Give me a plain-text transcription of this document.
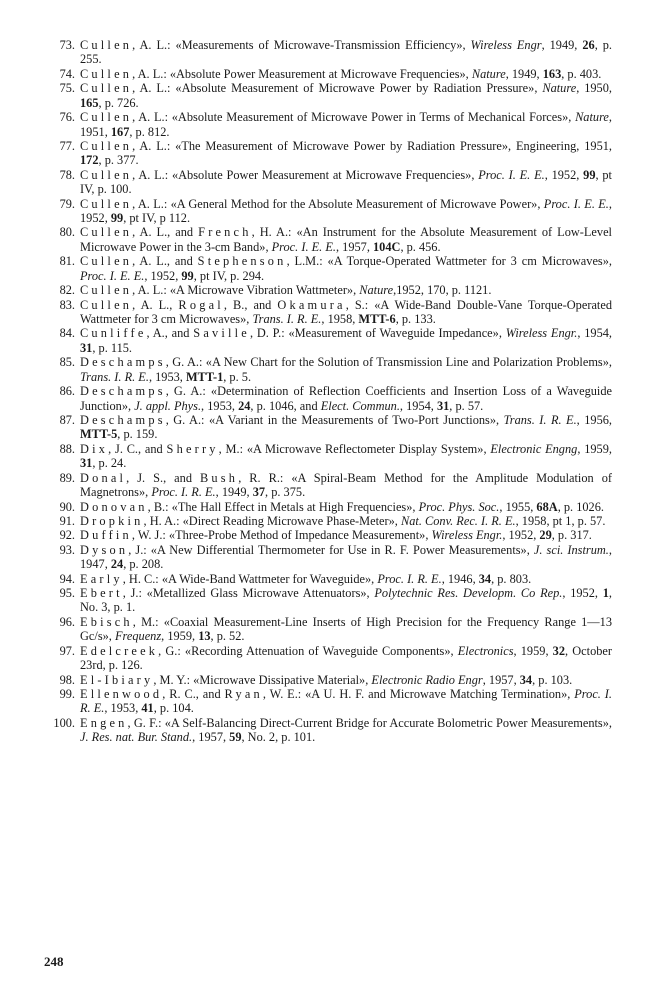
73. Cullen, A. L.: «Measurements of Microwave-Transmission Efficiency», Wireless Engr, 1949, 26, p. 255.
74. Cullen, A. L.: «Absolute Power Measurement at Microwave Frequencies», Nature, 1949, 163, p. 403.
75. Cullen, A. L.: «Absolute Measurement of Microwave Power by Radiation Pressure», Nature, 1950, 165, p. 726.
76. Cullen, A. L.: «Absolute Measurement of Microwave Power in Terms of Mechanical Forces», Nature, 1951, 167, p. 812.
77. Cullen, A. L.: «The Measurement of Microwave Power by Radiation Pressure», Engineering, 1951, 172, p. 377.
78. Cullen, A. L.: «Absolute Power Measurement at Microwave Frequencies», Proc. I. E. E., 1952, 99, pt IV, p. 100.
79. Cullen, A. L.: «A General Method for the Absolute Measurement of Microwave Power», Proc. I. E. E., 1952, 99, pt IV, p 112.
80. Cullen, A. L., and French, H. A.: «An Instrument for the Absolute Measurement of Low-Level Microwave Power in the 3-cm Band», Proc. I. E. E., 1957, 104C, p. 456.
81. Cullen, A. L., and Stephenson, L.M.: «A Torque-Operated Wattmeter for 3 cm Microwaves», Proc. I. E. E., 1952, 99, pt IV, p. 294.
82. Cullen, A. L.: «A Microwave Vibration Wattmeter», Nature,1952, 170, p. 1121.
83. Cullen, A. L., Rogal, B., and Okamura, S.: «A Wide-Band Double-Vane Torque-Operated Wattmeter for 3 cm Microwaves», Trans. I. R. E., 1958, MTT-6, p. 133.
84. Cunliffe, A., and Saville, D. P.: «Measurement of Waveguide Impedance», Wireless Engr., 1954, 31, p. 115.
85. Deschamps, G. A.: «A New Chart for the Solution of Transmission Line and Polarization Problems», Trans. I. R. E., 1953, MTT-1, p. 5.
86. Deschamps, G. A.: «Determination of Reflection Coefficients and Insertion Loss of a Waveguide Junction», J. appl. Phys., 1953, 24, p. 1046, and Elect. Commun., 1954, 31, p. 57.
87. Deschamps, G. A.: «A Variant in the Measurements of Two-Port Junctions», Trans. I. R. E., 1956, MTT-5, p. 159.
88. Dix, J. C., and Sherry, M.: «A Microwave Reflectometer Display System», Electronic Engng, 1959, 31, p. 24.
89. Donal, J. S., and Bush, R. R.: «A Spiral-Beam Method for the Amplitude Modulation of Magnetrons», Proc. I. R. E., 1949, 37, p. 375.
90. Donovan, B.: «The Hall Effect in Metals at High Frequencies», Proc. Phys. Soc., 1955, 68A, p. 1026.
91. Dropkin, H. A.: «Direct Reading Microwave Phase-Meter», Nat. Conv. Rec. I. R. E., 1958, pt 1, p. 57.
92. Duffin, W. J.: «Three-Probe Method of Impedance Measurement», Wireless Engr., 1952, 29, p. 317.
93. Dyson, J.: «A New Differential Thermometer for Use in R. F. Power Measurements», J. sci. Instrum., 1947, 24, p. 208.
94. Early, H. C.: «A Wide-Band Wattmeter for Waveguide», Proc. I. R. E., 1946, 34, p. 803.
95. Ebert, J.: «Metallized Glass Microwave Attenuators», Polytechnic Res. Developm. Co Rep., 1952, 1, No. 3, p. 1.
96. Ebisch, M.: «Coaxial Measurement-Line Inserts of High Precision for the Frequency Range 1—13 Gc/s», Frequenz, 1959, 13, p. 52.
97. Edelcreek, G.: «Recording Attenuation of Waveguide Components», Electronics, 1959, 32, October 23rd, p. 126.
98. El-Ibiary, M. Y.: «Microwave Dissipative Material», Electronic Radio Engr, 1957, 34, p. 103.
99. Ellenwood, R. C., and Ryan, W. E.: «A U. H. F. and Microwave Matching Termination», Proc. I. R. E., 1953, 41, p. 104.
100. Engen, G. F.: «A Self-Balancing Direct-Current Bridge for Accurate Bolometric Power Measurements», J. Res. nat. Bur. Stand., 1957, 59, No. 2, p. 101.
248
